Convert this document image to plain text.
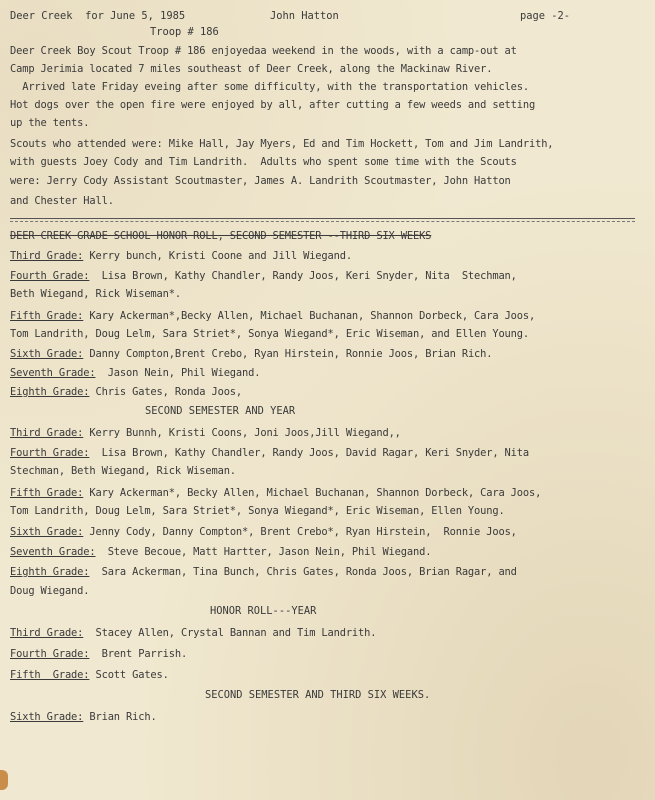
Deer Creek  for June 5, 1985	John Hatton	page -2-
Troop # 186
Deer Creek Boy Scout Troop # 186 enjoyedaa weekend in the woods, with a camp-out at
Camp Jerimia located 7 miles southeast of Deer Creek, along the Mackinaw River.
Arrived late Friday eveing after some difficulty, with the transportation vehicles.
Hot dogs over the open fire were enjoyed by all, after cutting a few weeds and setting
up the tents.
Scouts who attended were: Mike Hall, Jay Myers, Ed and Tim Hockett, Tom and Jim Landrith,
with guests Joey Cody and Tim Landrith.  Adults who spent some time with the Scouts
were: Jerry Cody Assistant Scoutmaster, James A. Landrith Scoutmaster, John Hatton
and Chester Hall.
DEER CREEK GRADE SCHOOL HONOR ROLL, SECOND SEMESTER --THIRD SIX WEEKS
Third Grade: Kerry bunch, Kristi Coone and Jill Wiegand.
Fourth Grade:  Lisa Brown, Kathy Chandler, Randy Joos, Keri Snyder, Nita  Stechman,
Beth Wiegand, Rick Wiseman*.
Fifth Grade: Kary Ackerman*,Becky Allen, Michael Buchanan, Shannon Dorbeck, Cara Joos,
Tom Landrith, Doug Lelm, Sara Striet*, Sonya Wiegand*, Eric Wiseman, and Ellen Young.
Sixth Grade: Danny Compton,Brent Crebo, Ryan Hirstein, Ronnie Joos, Brian Rich.
Seventh Grade:  Jason Nein, Phil Wiegand.
Eighth Grade: Chris Gates, Ronda Joos,
SECOND SEMESTER AND YEAR
Third Grade: Kerry Bunnh, Kristi Coons, Joni Joos,Jill Wiegand,,
Fourth Grade:  Lisa Brown, Kathy Chandler, Randy Joos, David Ragar, Keri Snyder, Nita
Stechman, Beth Wiegand, Rick Wiseman.
Fifth Grade: Kary Ackerman*, Becky Allen, Michael Buchanan, Shannon Dorbeck, Cara Joos,
Tom Landrith, Doug Lelm, Sara Striet*, Sonya Wiegand*, Eric Wiseman, Ellen Young.
Sixth Grade: Jenny Cody, Danny Compton*, Brent Crebo*, Ryan Hirstein,  Ronnie Joos,
Seventh Grade:  Steve Becoue, Matt Hartter, Jason Nein, Phil Wiegand.
Eighth Grade:  Sara Ackerman, Tina Bunch, Chris Gates, Ronda Joos, Brian Ragar, and
Doug Wiegand.
HONOR ROLL---YEAR
Third Grade:  Stacey Allen, Crystal Bannan and Tim Landrith.
Fourth Grade:  Brent Parrish.
Fifth  Grade: Scott Gates.
SECOND SEMESTER AND THIRD SIX WEEKS.
Sixth Grade: Brian Rich.
